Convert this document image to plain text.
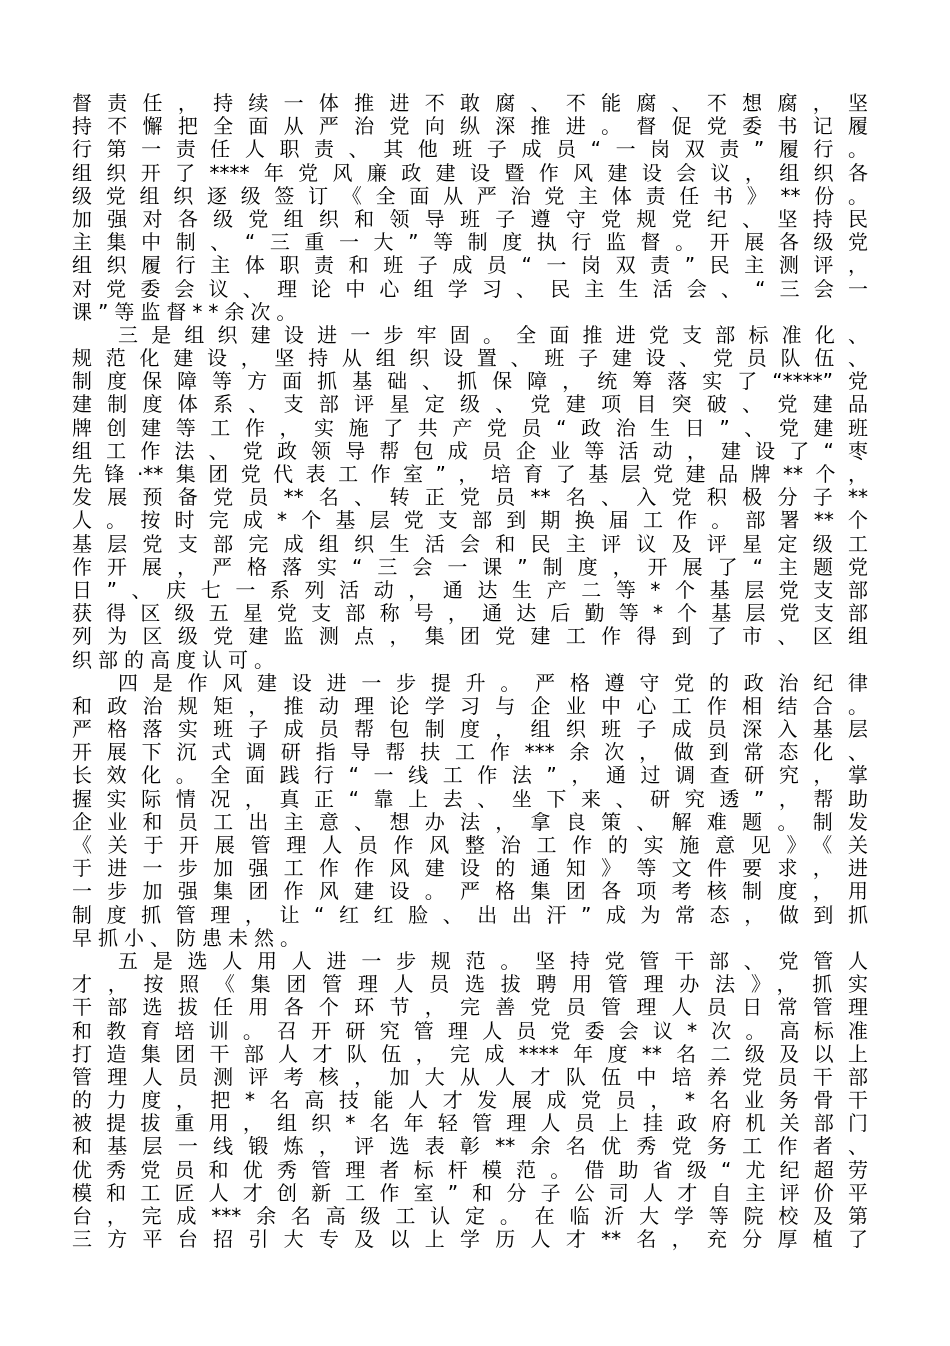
督责任，持续一体推进不敢腐、不能腐、不想腐，坚
持不懈把全面从严治党向纵深推进。督促党委书记履
行第一责任人职责、其他班子成员“一岗双责”履行。
组织开了****年党风廉政建设暨作风建设会议，组织各
级党组织逐级签订《全面从严治党主体责任书》**份。
加强对各级党组织和领导班子遵守党规党纪、坚持民
主集中制、“三重一大”等制度执行监督。开展各级党
组织履行主体职责和班子成员“一岗双责”民主测评，
对党委会议、理论中心组学习、民主生活会、“三会一
课”等监督**余次。
三是组织建设进一步牢固。全面推进党支部标准化、
规范化建设，坚持从组织设置、班子建设、党员队伍、
制度保障等方面抓基础、抓保障，统筹落实了“****”党
建制度体系、支部评星定级、党建项目突破、党建品
牌创建等工作，实施了共产党员“政治生日”、党建班
组工作法、党政领导帮包成员企业等活动，建设了“枣
先锋·**集团党代表工作室”，培育了基层党建品牌**个，
发展预备党员**名、转正党员**名、入党积极分子**
人。按时完成*个基层党支部到期换届工作。部署**个
基层党支部完成组织生活会和民主评议及评星定级工
作开展，严格落实“三会一课”制度，开展了“主题党
日”、庆七一系列活动，通达生产二等*个基层党支部
获得区级五星党支部称号，通达后勤等*个基层党支部
列为区级党建监测点，集团党建工作得到了市、区组
织部的高度认可。
四是作风建设进一步提升。严格遵守党的政治纪律
和政治规矩，推动理论学习与企业中心工作相结合。
严格落实班子成员帮包制度，组织班子成员深入基层
开展下沉式调研指导帮扶工作***余次，做到常态化、
长效化。全面践行“一线工作法”，通过调查研究，掌
握实际情况，真正“靠上去、坐下来、研究透”，帮助
企业和员工出主意、想办法，拿良策、解难题。制发
《关于开展管理人员作风整治工作的实施意见》《关
于进一步加强工作作风建设的通知》等文件要求，进
一步加强集团作风建设。严格集团各项考核制度，用
制度抓管理，让“红红脸、出出汗”成为常态，做到抓
早抓小、防患未然。
五是选人用人进一步规范。坚持党管干部、党管人
才，按照《集团管理人员选拔聘用管理办法》，抓实
干部选拔任用各个环节，完善党员管理人员日常管理
和教育培训。召开研究管理人员党委会议*次。高标准
打造集团干部人才队伍，完成****年度**名二级及以上
管理人员测评考核，加大从人才队伍中培养党员干部
的力度，把*名高技能人才发展成党员，*名业务骨干
被提拔重用，组织*名年轻管理人员上挂政府机关部门
和基层一线锻炼，评选表彰**余名优秀党务工作者、
优秀党员和优秀管理者标杆模范。借助省级“尤纪超劳
模和工匠人才创新工作室”和分子公司人才自主评价平
台，完成***余名高级工认定。在临沂大学等院校及第
三方平台招引大专及以上学历人才**名，充分厚植了
